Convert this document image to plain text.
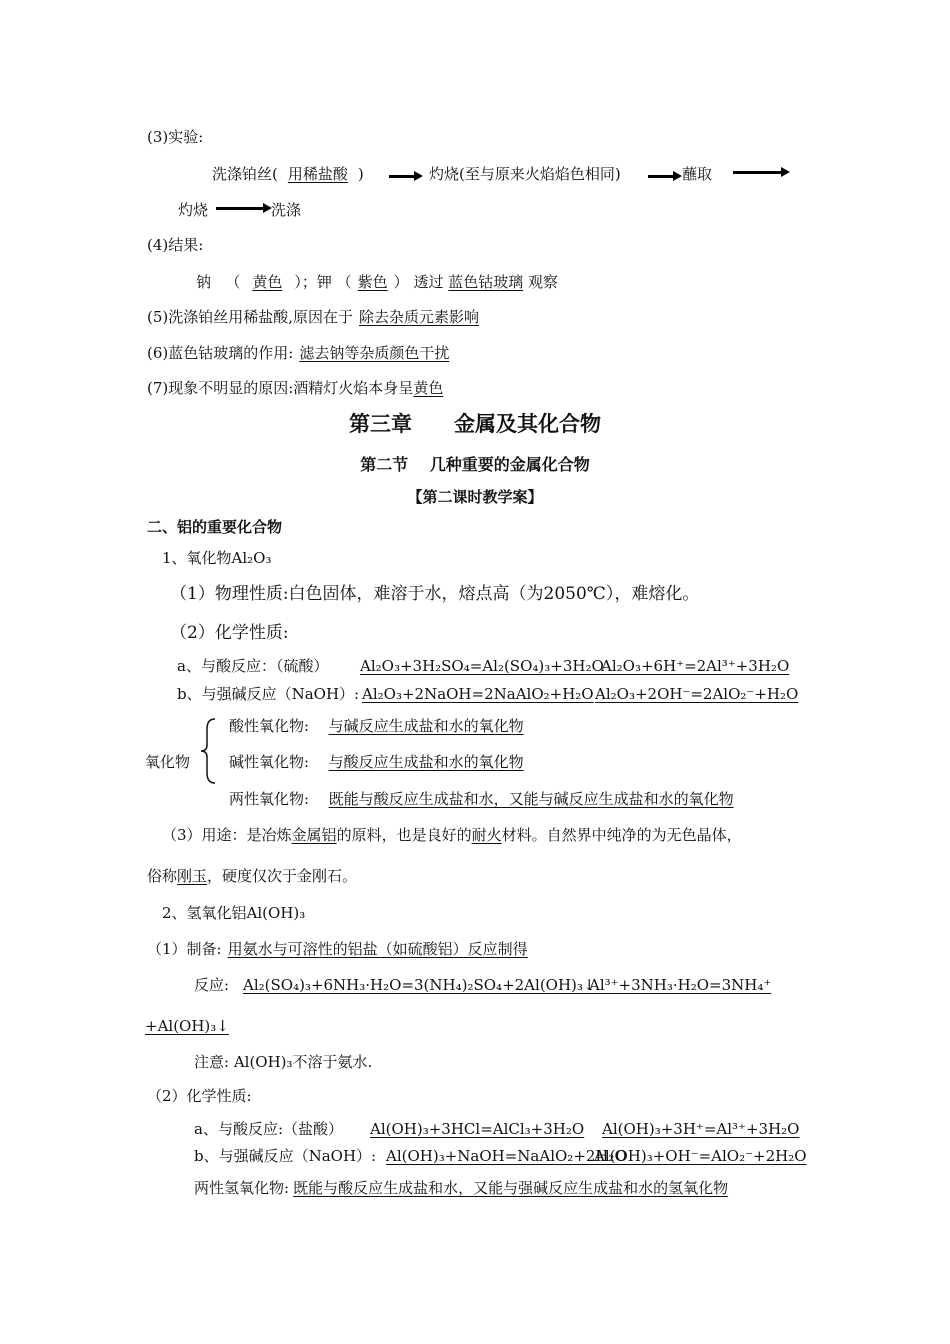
(3)实验:
洗涤铂丝( 用稀盐酸 )	灼烧(至与原来火焰焰色相同)	蘸取
灼烧	洗涤
(4)结果:
钠   （ 黄色 ）；钾 （ 紫色 ） 透过 蓝色钴玻璃 观察
(5)洗涤铂丝用稀盐酸,原因在于 除去杂质元素影响
(6)蓝色钴玻璃的作用: 滤去钠等杂质颜色干扰
(7)现象不明显的原因:酒精灯火焰本身呈黄色
第三章　　金属及其化合物
第二节　 几种重要的金属化合物
【第二课时教学案】
二、铝的重要化合物
1、氧化物Al₂O₃
（1）物理性质:白色固体，难溶于水，熔点高（为2050℃），难熔化。
（2）化学性质:
a、与酸反应：（硫酸） Al₂O₃+3H₂SO₄=Al₂(SO₄)₃+3H₂O
Al₂O₃+6H⁺=2Al³⁺+3H₂O
b、与强碱反应（NaOH）: Al₂O₃+2NaOH=2NaAlO₂+H₂O Al₂O₃+2OH⁻=2AlO₂⁻+H₂O
氧化物
酸性氧化物: 与碱反应生成盐和水的氧化物
碱性氧化物: 与酸反应生成盐和水的氧化物
两性氧化物: 既能与酸反应生成盐和水，又能与碱反应生成盐和水的氧化物
（3）用途：是冶炼金属铝的原料，也是良好的耐火材料。自然界中纯净的为无色晶体，
俗称刚玉，硬度仅次于金刚石。
2、氢氧化铝Al(OH)₃
（1）制备: 用氨水与可溶性的铝盐（如硫酸铝）反应制得
反应: Al₂(SO₄)₃+6NH₃·H₂O=3(NH₄)₂SO₄+2Al(OH)₃↓
Al³⁺+3NH₃·H₂O=3NH₄⁺
+Al(OH)₃↓
注意: Al(OH)₃不溶于氨水.
（2）化学性质:
a、与酸反应:（盐酸） Al(OH)₃+3HCl=AlCl₃+3H₂O Al(OH)₃+3H⁺=Al³⁺+3H₂O
b、与强碱反应（NaOH）: Al(OH)₃+NaOH=NaAlO₂+2H₂O
Al(OH)₃+OH⁻=AlO₂⁻+2H₂O
两性氢氧化物: 既能与酸反应生成盐和水，又能与强碱反应生成盐和水的氢氧化物
